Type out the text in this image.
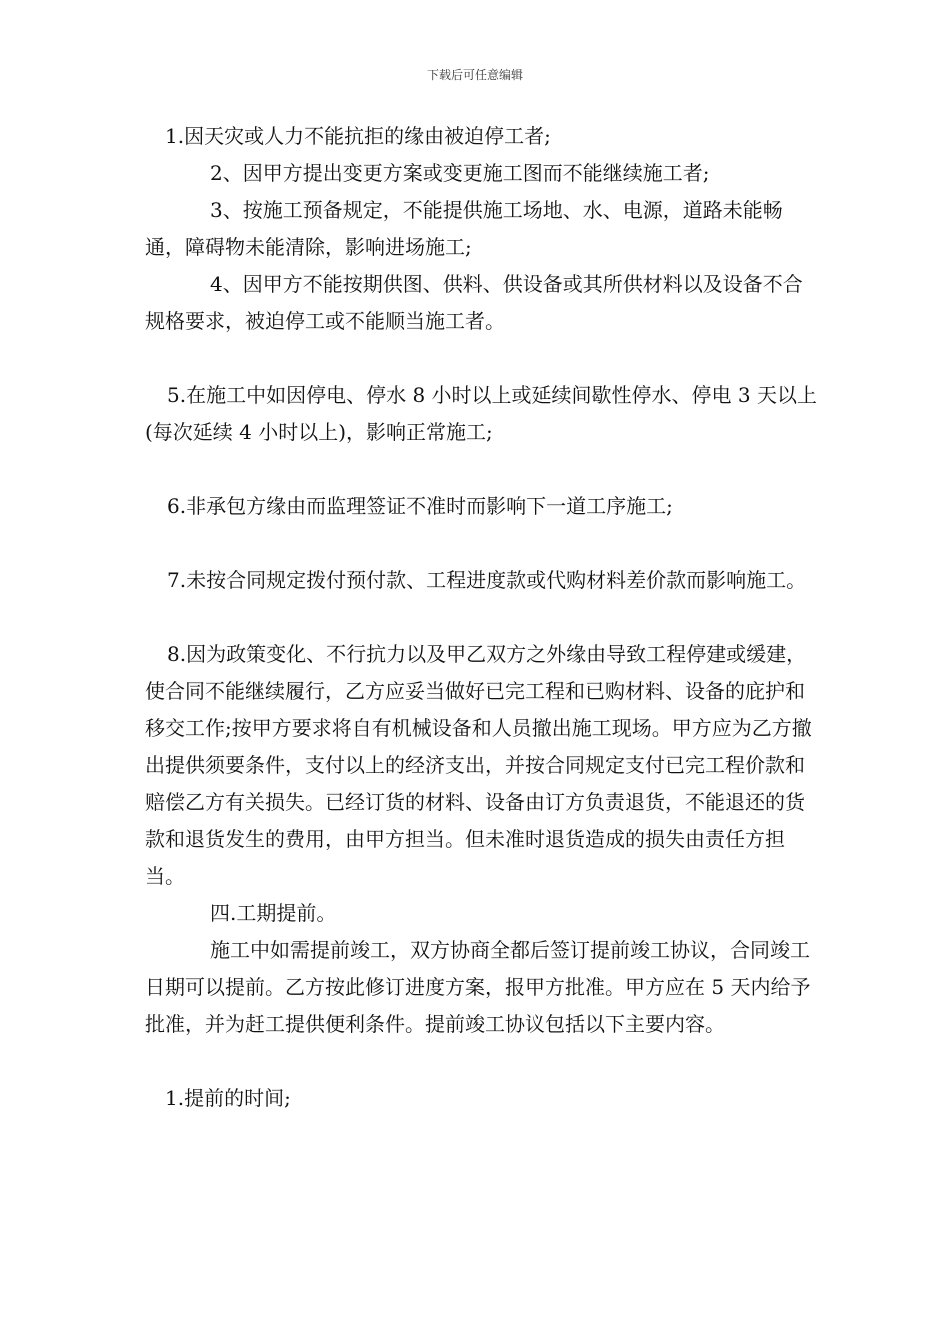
下载后可任意编辑

1.因天灾或人力不能抗拒的缘由被迫停工者;

2、因甲方提出变更方案或变更施工图而不能继续施工者;

3、按施工预备规定，不能提供施工场地、水、电源，道路未能畅通，障碍物未能清除，影响进场施工;

4、因甲方不能按期供图、供料、供设备或其所供材料以及设备不合规格要求，被迫停工或不能顺当施工者。

5.在施工中如因停电、停水 8 小时以上或延续间歇性停水、停电 3 天以上(每次延续 4 小时以上)，影响正常施工;

6.非承包方缘由而监理签证不准时而影响下一道工序施工;

7.未按合同规定拨付预付款、工程进度款或代购材料差价款而影响施工。

8.因为政策变化、不行抗力以及甲乙双方之外缘由导致工程停建或缓建，使合同不能继续履行，乙方应妥当做好已完工程和已购材料、设备的庇护和移交工作;按甲方要求将自有机械设备和人员撤出施工现场。甲方应为乙方撤出提供须要条件，支付以上的经济支出，并按合同规定支付已完工程价款和赔偿乙方有关损失。已经订货的材料、设备由订方负责退货，不能退还的货款和退货发生的费用，由甲方担当。但未准时退货造成的损失由责任方担当。

四.工期提前。

施工中如需提前竣工，双方协商全都后签订提前竣工协议，合同竣工日期可以提前。乙方按此修订进度方案，报甲方批准。甲方应在 5 天内给予批准，并为赶工提供便利条件。提前竣工协议包括以下主要内容。

1.提前的时间;
